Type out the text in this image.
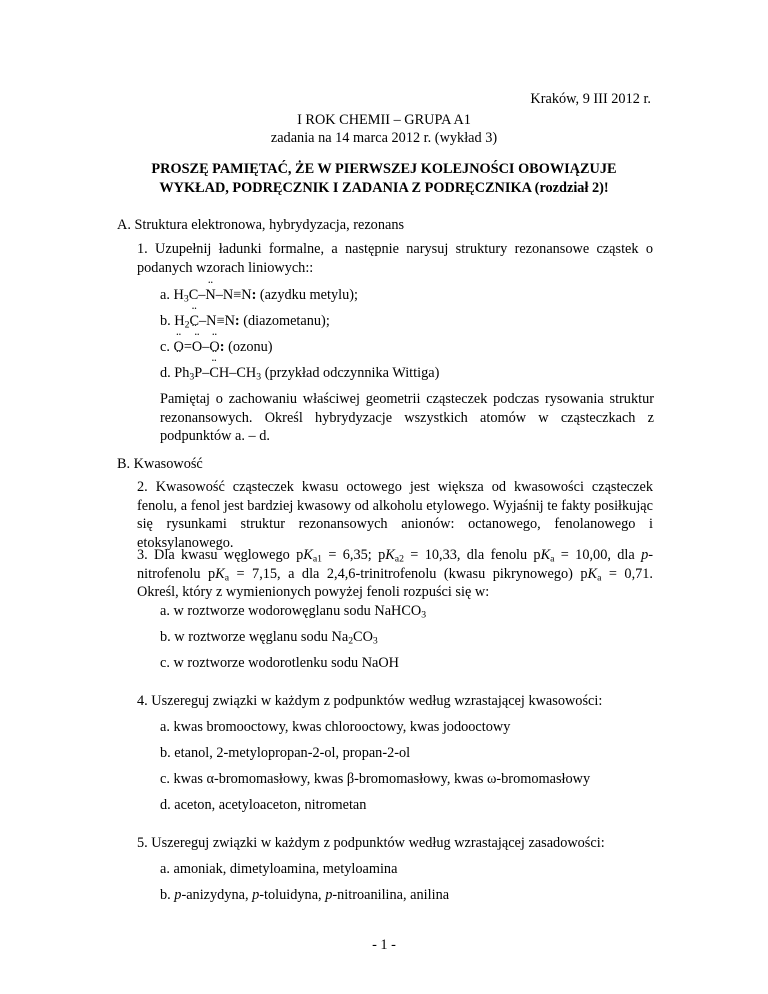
Kraków, 9 III 2012 r.
I ROK CHEMII – GRUPA A1
zadania na 14 marca 2012 r. (wykład 3)
PROSZĘ PAMIĘTAĆ, ŻE W PIERWSZEJ KOLEJNOŚCI OBOWIĄZUJE
WYKŁAD, PODRĘCZNIK I ZADANIA Z PODRĘCZNIKA (rozdział 2)!
A. Struktura elektronowa, hybrydyzacja, rezonans
1. Uzupełnij ładunki formalne, a następnie narysuj struktury rezonansowe cząstek o podanych wzorach liniowych::
a. $H_3C-¨$ N–N≡N: (azydku metylu);
b. $H_2¨$ C ¨–N≡N: (diazometanu);
c. ¨ O ¨=¨ O–¨ O ¨: (ozonu)
d. $Ph_3P-¨$ $CH-CH_3$ (przykład odczynnika Wittiga)
Pamiętaj o zachowaniu właściwej geometrii cząsteczek podczas rysowania struktur rezonansowych. Określ hybrydyzacje wszystkich atomów w cząsteczkach z podpunktów a. – d.
B. Kwasowość
2. Kwasowość cząsteczek kwasu octowego jest większa od kwasowości cząsteczek fenolu, a fenol jest bardziej kwasowy od alkoholu etylowego. Wyjaśnij te fakty posiłkując się rysunkami struktur rezonansowych anionów: octanowego, fenolanowego i etoksylanowego.
3. Dla kwasu węglowego $pK_{a1} = 6,35$; $pK_{a2} = 10,33$, dla fenolu $pK_a = 10,00$, dla p-nitrofenolu $pK_a = 7,15$, a dla 2,4,6-trinitrofenolu (kwasu pikrynowego) $pK_a = 0,71$. Określ, który z wymienionych powyżej fenoli rozpuści się w:
a. w roztworze wodorowęglanu sodu NaHCO$_3$
b. w roztworze węglanu sodu $Na_2CO_3$
c. w roztworze wodorotlenku sodu NaOH
4. Uszereguj związki w każdym z podpunktów według wzrastającej kwasowości:
a. kwas bromooctowy, kwas chlorooctowy, kwas jodooctowy
b. etanol, 2-metylopropan-2-ol, propan-2-ol
c. kwas α-bromomasłowy, kwas β-bromomasłowy, kwas ω-bromomasłowy
d. aceton, acetyloaceton, nitrometan
5. Uszereguj związki w każdym z podpunktów według wzrastającej zasadowości:
a. amoniak, dimetyloamina, metyloamina
b. p-anizydyna, p-toluidyna, p-nitroanilina, anilina
- 1 -
